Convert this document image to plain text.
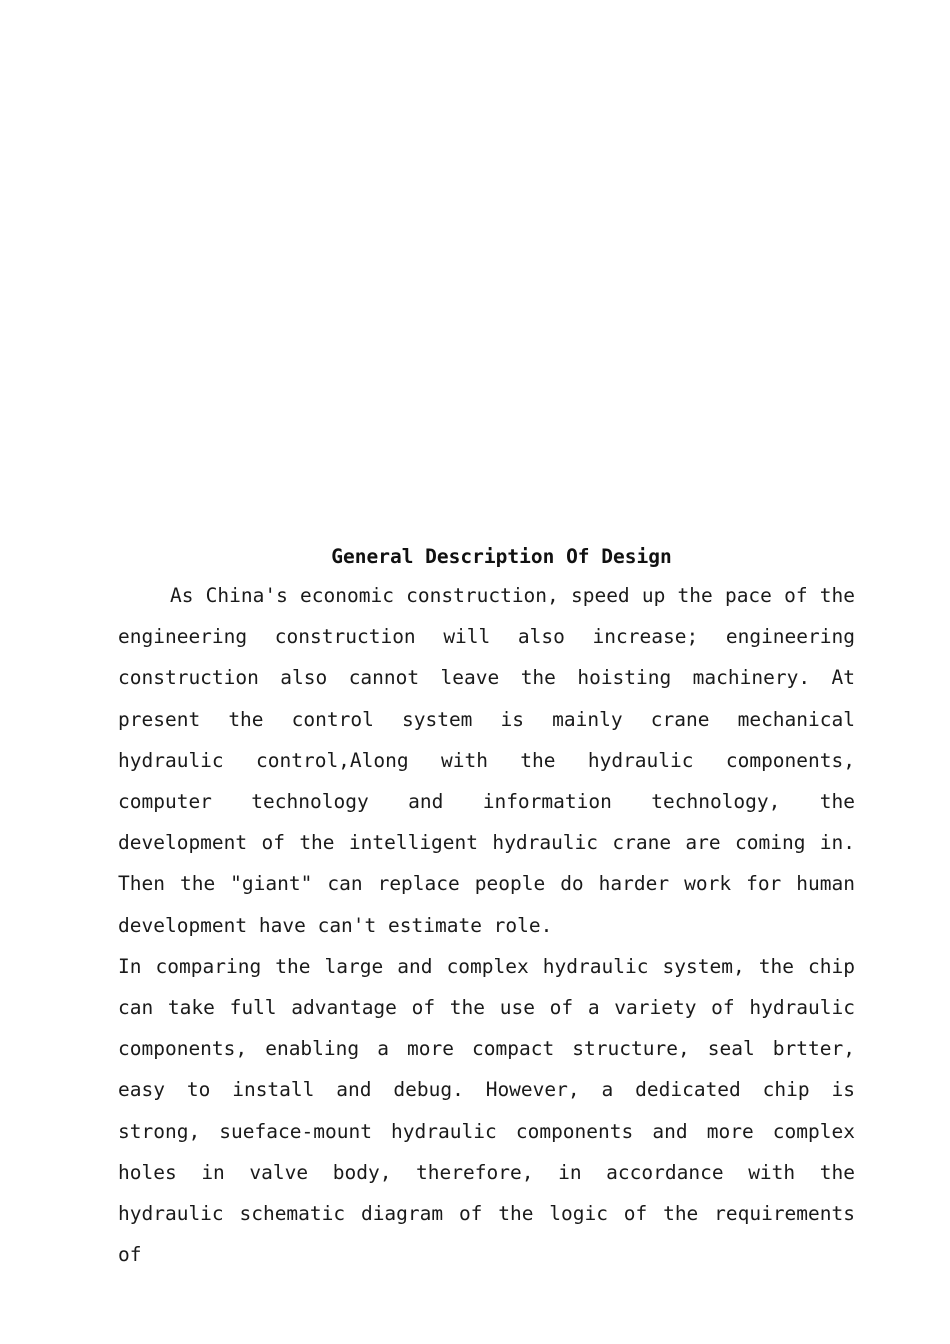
General Description Of Design

As China's economic construction, speed up the pace of the engineering construction will also increase; engineering construction also cannot leave the hoisting machinery. At present the control system is mainly crane mechanical hydraulic control,Along with the hydraulic components, computer technology and information technology, the development of the intelligent hydraulic crane are coming in. Then the "giant" can replace people do harder work for human development have can't estimate role.

In comparing the large and complex hydraulic system, the chip can take full advantage of the use of a variety of hydraulic components, enabling a more compact structure, seal brtter, easy to install and debug. However, a dedicated chip is strong, sueface-mount hydraulic components and more complex holes in valve body, therefore, in accordance with the hydraulic schematic diagram of the logic of the requirements of
